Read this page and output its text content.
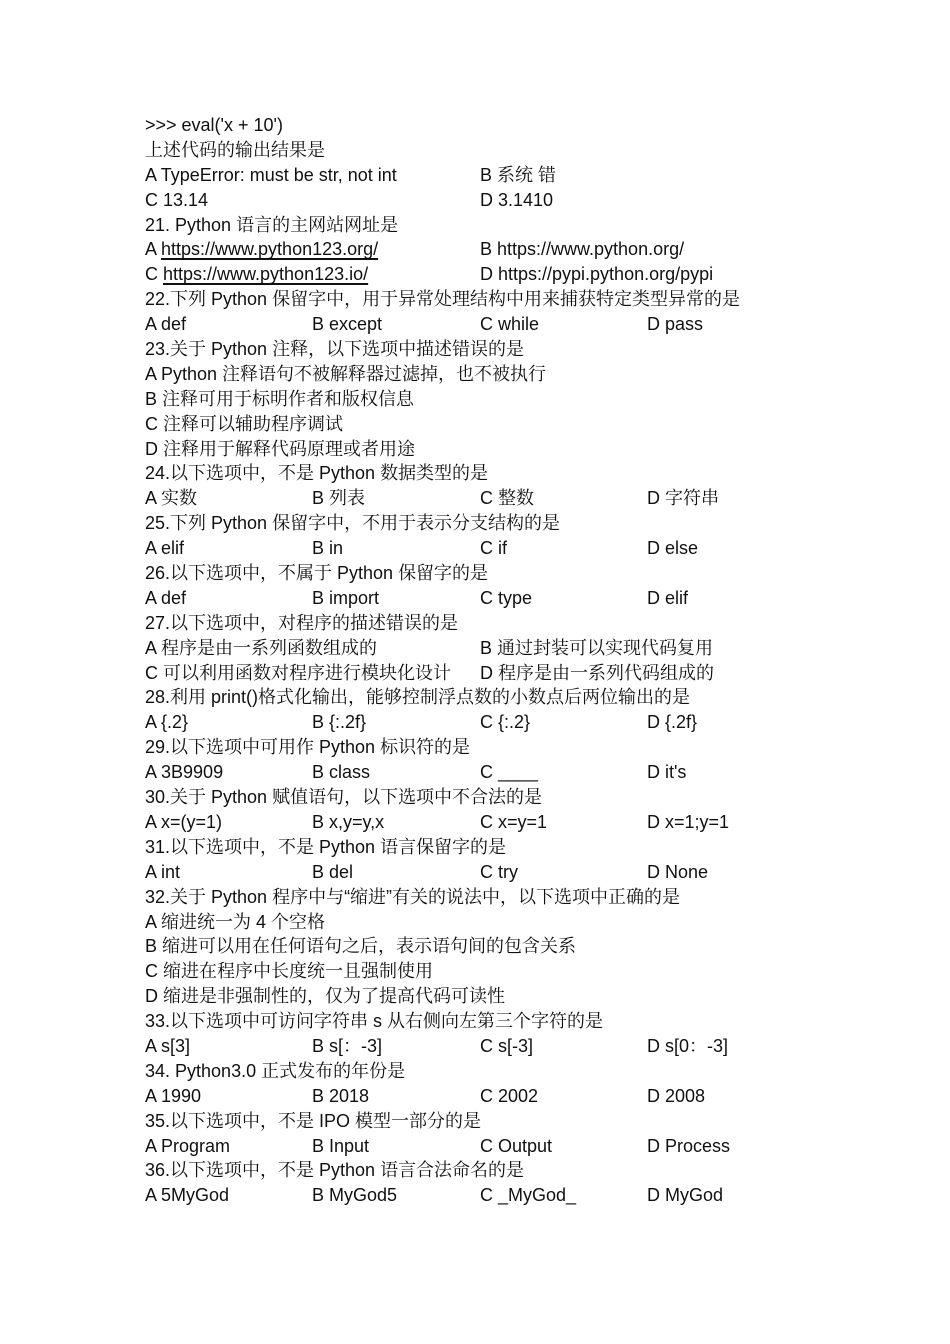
>>> eval('x + 10')
上述代码的输出结果是
A TypeError: must be str, not int	B 系统 错
C 13.14	D 3.1410
21. Python 语言的主网站网址是
A https://www.python123.org/	B https://www.python.org/
C https://www.python123.io/	D https://pypi.python.org/pypi
22.下列 Python 保留字中，用于异常处理结构中用来捕获特定类型异常的是
A def	B except	C while	D pass
23.关于 Python 注释，以下选项中描述错误的是
A Python 注释语句不被解释器过滤掉，也不被执行
B 注释可用于标明作者和版权信息
C 注释可以辅助程序调试
D 注释用于解释代码原理或者用途
24.以下选项中，不是 Python 数据类型的是
A 实数	B 列表	C 整数	D 字符串
25.下列 Python 保留字中，不用于表示分支结构的是
A elif	B in	C if	D else
26.以下选项中，不属于 Python 保留字的是
A def	B import	C type	D elif
27.以下选项中，对程序的描述错误的是
A 程序是由一系列函数组成的	B 通过封装可以实现代码复用
C 可以利用函数对程序进行模块化设计 D 程序是由一系列代码组成的
28.利用 print()格式化输出，能够控制浮点数的小数点后两位输出的是
A {.2}	B {:.2f}	C {:.2}	D {.2f}
29.以下选项中可用作 Python 标识符的是
A 3B9909	B class	C ____	D it's
30.关于 Python 赋值语句，以下选项中不合法的是
A x=(y=1)	B x,y=y,x	C x=y=1	D x=1;y=1
31.以下选项中，不是 Python 语言保留字的是
A int	B del	C try	D None
32.关于 Python 程序中与“缩进”有关的说法中，以下选项中正确的是
A 缩进统一为 4 个空格
B 缩进可以用在任何语句之后，表示语句间的包含关系
C 缩进在程序中长度统一且强制使用
D 缩进是非强制性的，仅为了提高代码可读性
33.以下选项中可访问字符串 s 从右侧向左第三个字符的是
A s[3]	B s[：-3]	C s[-3]	D s[0：-3]
34. Python3.0 正式发布的年份是
A 1990	B 2018	C 2002	D 2008
35.以下选项中，不是 IPO 模型一部分的是
A Program	B Input	C Output	D Process
36.以下选项中，不是 Python 语言合法命名的是
A 5MyGod	B MyGod5	C _MyGod_	D MyGod
